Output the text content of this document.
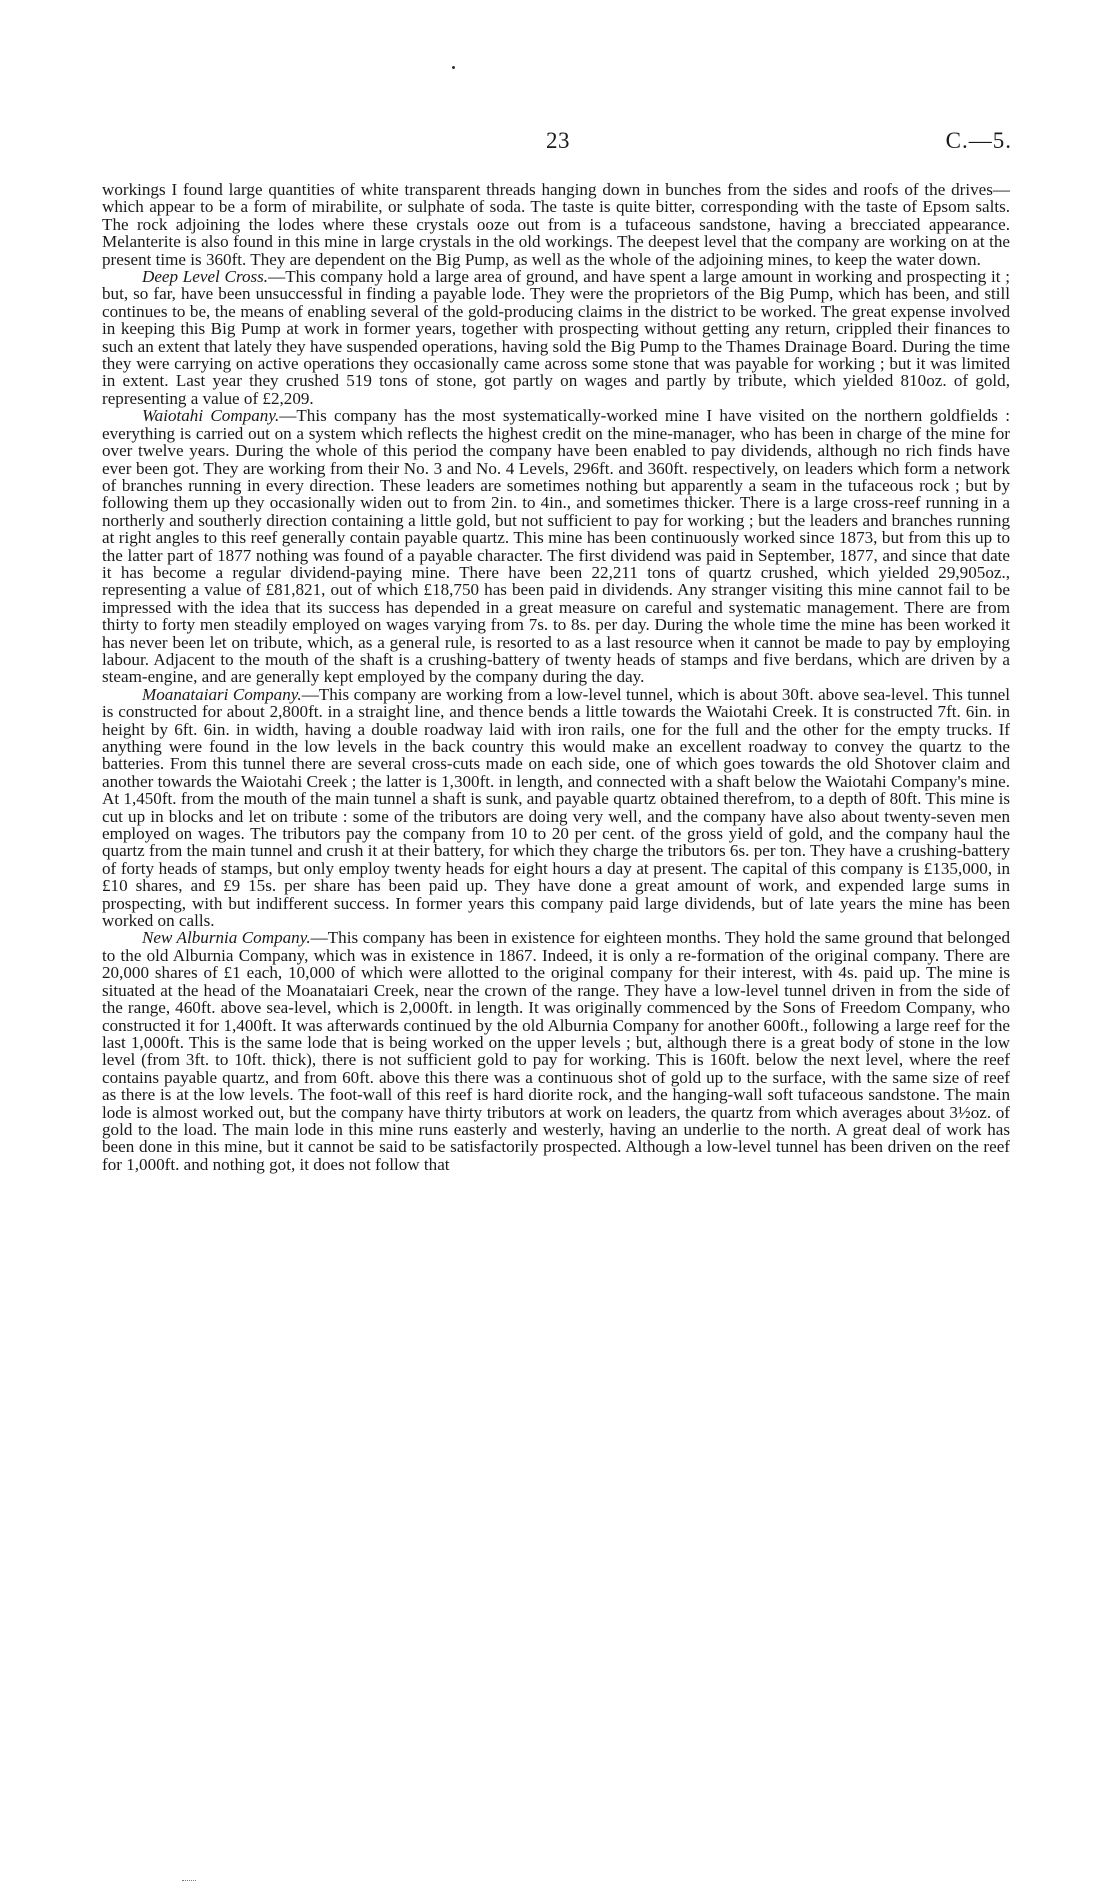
23	C.—5.

workings I found large quantities of white transparent threads hanging down in bunches from the sides and roofs of the drives—which appear to be a form of mirabilite, or sulphate of soda. The taste is quite bitter, corresponding with the taste of Epsom salts. The rock adjoining the lodes where these crystals ooze out from is a tufaceous sandstone, having a brecciated appearance. Melanterite is also found in this mine in large crystals in the old workings. The deepest level that the company are working on at the present time is 360ft. They are dependent on the Big Pump, as well as the whole of the adjoining mines, to keep the water down.

Deep Level Cross.—This company hold a large area of ground, and have spent a large amount in working and prospecting it ; but, so far, have been unsuccessful in finding a payable lode. They were the proprietors of the Big Pump, which has been, and still continues to be, the means of enabling several of the gold-producing claims in the district to be worked. The great expense involved in keeping this Big Pump at work in former years, together with prospecting without getting any return, crippled their finances to such an extent that lately they have suspended operations, having sold the Big Pump to the Thames Drainage Board. During the time they were carrying on active operations they occasionally came across some stone that was payable for working ; but it was limited in extent. Last year they crushed 519 tons of stone, got partly on wages and partly by tribute, which yielded 810oz. of gold, representing a value of £2,209.

Waiotahi Company.—This company has the most systematically-worked mine I have visited on the northern goldfields : everything is carried out on a system which reflects the highest credit on the mine-manager, who has been in charge of the mine for over twelve years. During the whole of this period the company have been enabled to pay dividends, although no rich finds have ever been got. They are working from their No. 3 and No. 4 Levels, 296ft. and 360ft. respectively, on leaders which form a network of branches running in every direction. These leaders are sometimes nothing but apparently a seam in the tufaceous rock ; but by following them up they occasionally widen out to from 2in. to 4in., and sometimes thicker. There is a large cross-reef running in a northerly and southerly direction containing a little gold, but not sufficient to pay for working ; but the leaders and branches running at right angles to this reef generally contain payable quartz. This mine has been continuously worked since 1873, but from this up to the latter part of 1877 nothing was found of a payable character. The first dividend was paid in September, 1877, and since that date it has become a regular dividend-paying mine. There have been 22,211 tons of quartz crushed, which yielded 29,905oz., representing a value of £81,821, out of which £18,750 has been paid in dividends. Any stranger visiting this mine cannot fail to be impressed with the idea that its success has depended in a great measure on careful and systematic management. There are from thirty to forty men steadily employed on wages varying from 7s. to 8s. per day. During the whole time the mine has been worked it has never been let on tribute, which, as a general rule, is resorted to as a last resource when it cannot be made to pay by employing labour. Adjacent to the mouth of the shaft is a crushing-battery of twenty heads of stamps and five berdans, which are driven by a steam-engine, and are generally kept employed by the company during the day.

Moanataiari Company.—This company are working from a low-level tunnel, which is about 30ft. above sea-level. This tunnel is constructed for about 2,800ft. in a straight line, and thence bends a little towards the Waiotahi Creek. It is constructed 7ft. 6in. in height by 6ft. 6in. in width, having a double roadway laid with iron rails, one for the full and the other for the empty trucks. If anything were found in the low levels in the back country this would make an excellent roadway to convey the quartz to the batteries. From this tunnel there are several cross-cuts made on each side, one of which goes towards the old Shotover claim and another towards the Waiotahi Creek ; the latter is 1,300ft. in length, and connected with a shaft below the Waiotahi Company's mine. At 1,450ft. from the mouth of the main tunnel a shaft is sunk, and payable quartz obtained therefrom, to a depth of 80ft. This mine is cut up in blocks and let on tribute : some of the tributors are doing very well, and the company have also about twenty-seven men employed on wages. The tributors pay the company from 10 to 20 per cent. of the gross yield of gold, and the company haul the quartz from the main tunnel and crush it at their battery, for which they charge the tributors 6s. per ton. They have a crushing-battery of forty heads of stamps, but only employ twenty heads for eight hours a day at present. The capital of this company is £135,000, in £10 shares, and £9 15s. per share has been paid up. They have done a great amount of work, and expended large sums in prospecting, with but indifferent success. In former years this company paid large dividends, but of late years the mine has been worked on calls.

New Alburnia Company.—This company has been in existence for eighteen months. They hold the same ground that belonged to the old Alburnia Company, which was in existence in 1867. Indeed, it is only a re-formation of the original company. There are 20,000 shares of £1 each, 10,000 of which were allotted to the original company for their interest, with 4s. paid up. The mine is situated at the head of the Moanataiari Creek, near the crown of the range. They have a low-level tunnel driven in from the side of the range, 460ft. above sea-level, which is 2,000ft. in length. It was originally commenced by the Sons of Freedom Company, who constructed it for 1,400ft. It was afterwards continued by the old Alburnia Company for another 600ft., following a large reef for the last 1,000ft. This is the same lode that is being worked on the upper levels ; but, although there is a great body of stone in the low level (from 3ft. to 10ft. thick), there is not sufficient gold to pay for working. This is 160ft. below the next level, where the reef contains payable quartz, and from 60ft. above this there was a continuous shot of gold up to the surface, with the same size of reef as there is at the low levels. The foot-wall of this reef is hard diorite rock, and the hanging-wall soft tufaceous sandstone. The main lode is almost worked out, but the company have thirty tributors at work on leaders, the quartz from which averages about 3½oz. of gold to the load. The main lode in this mine runs easterly and westerly, having an underlie to the north. A great deal of work has been done in this mine, but it cannot be said to be satisfactorily prospected. Although a low-level tunnel has been driven on the reef for 1,000ft. and nothing got, it does not follow that
